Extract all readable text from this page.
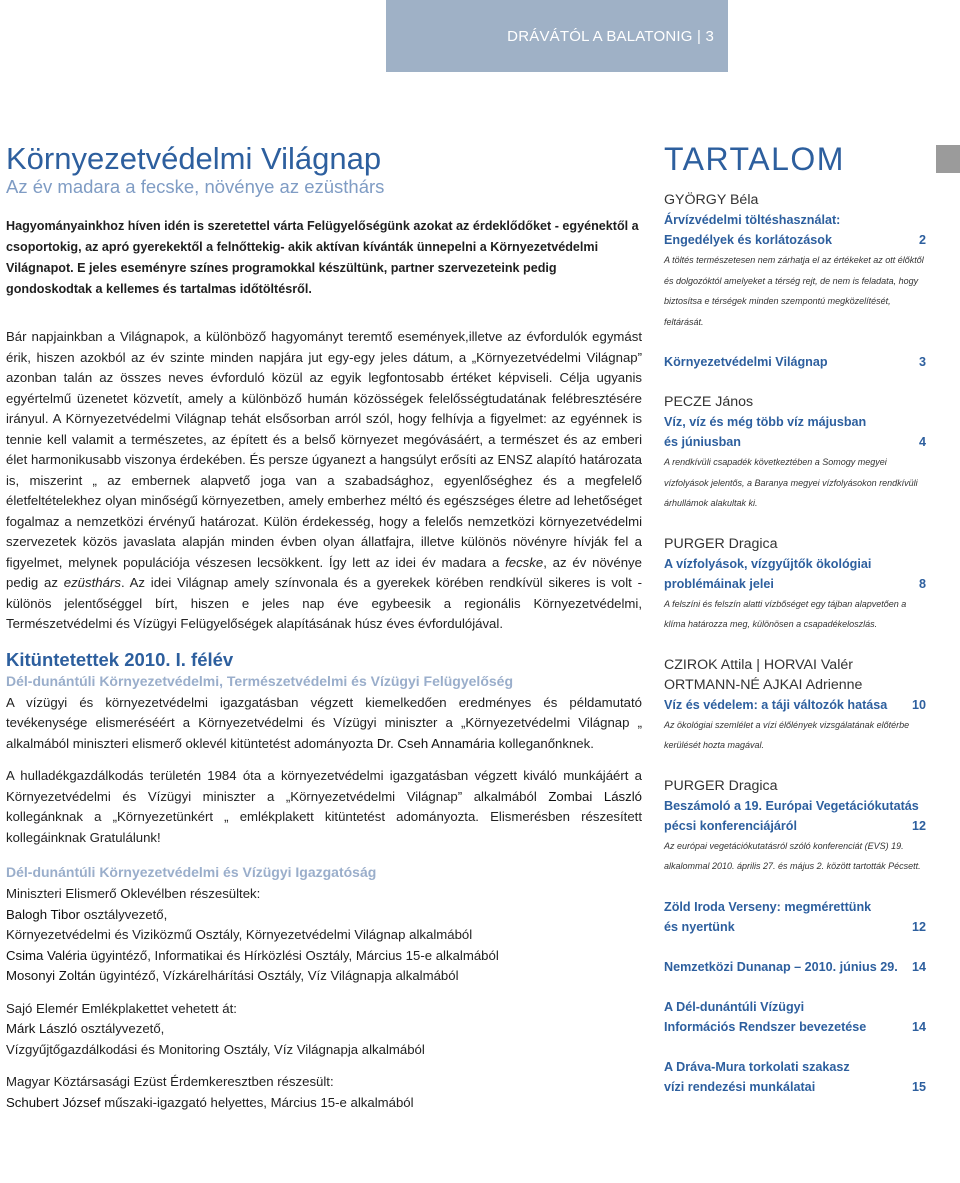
DRÁVÁTÓL A BALATONIG | 3
Környezetvédelmi Világnap

Az év madara a fecske, növénye az ezüsthárs

Hagyományainkhoz híven idén is szeretettel várta Felügyelőségünk azokat az érdeklődőket - egyénektől a csoportokig, az apró gyerekektől a felnőttekig- akik aktívan kívánták ünnepelni a Környezetvédelmi Világnapot. E jeles eseményre színes programokkal készültünk, partner szervezeteink pedig gondoskodtak a kellemes és tartalmas időtöltésről.

Bár napjainkban a Világnapok, a különböző hagyományt teremtő események,illetve az évfordulók egymást érik, hiszen azokból az év szinte minden napjára jut egy-egy jeles dátum, a „Környezetvédelmi Világnap” azonban talán az összes neves évforduló közül az egyik legfontosabb értéket képviseli. Célja ugyanis egyértelmű üzenetet közvetít, amely a különböző humán közösségek felelősségtudatának felébresztésére irányul. A Környezetvédelmi Világnap tehát elsősorban arról szól, hogy felhívja a figyelmet: az egyénnek is tennie kell valamit a természetes, az épített és a belső környezet megóvásáért, a természet és az emberi élet harmonikusabb viszonya érdekében. És persze úgyanezt a hangsúlyt erősíti az ENSZ alapító határozata is, miszerint „ az embernek alapvető joga van a szabadsághoz, egyenlőséghez és a megfelelő életfeltételekhez olyan minőségű környezetben, amely emberhez méltó és egészséges életre ad lehetőséget fogalmaz a nemzetközi érvényű határozat. Külön érdekesség, hogy a felelős nemzetközi környezetvédelmi szervezetek közös javaslata alapján minden évben olyan állatfajra, illetve különös növényre hívják fel a figyelmet, melynek populációja vészesen lecsökkent. Így lett az idei év madara a fecske, az év növénye pedig az ezüsthárs. Az idei Világnap amely színvonala és a gyerekek körében rendkívül sikeres is volt - különös jelentőséggel bírt, hiszen e jeles nap éve egybeesik a regionális Környezetvédelmi, Természetvédelmi és Vízügyi Felügyelőségek alapításának húsz éves évfordulójával.

Kitüntetettek 2010. I. félév
Dél-dunántúli Környezetvédelmi, Természetvédelmi és Vízügyi Felügyelőség

A vízügyi és környezetvédelmi igazgatásban végzett kiemelkedően eredményes és példamutató tevékenysége elismeréséért a Környezetvédelmi és Vízügyi miniszter a „Környezetvédelmi Világnap „ alkalmából miniszteri elismerő oklevél kitüntetést adományozta Dr. Cseh Annamária kolleganőnknek.

A hulladékgazdálkodás területén 1984 óta a környezetvédelmi igazgatásban végzett kiváló munkájáért a Környezetvédelmi és Vízügyi miniszter a „Környezetvédelmi Világnap” alkalmából Zombai László kollegánknak a „Környezetünkért „ emlékplakett kitüntetést adományozta. Elismerésben részesített kollegáinknak Gratulálunk!

Dél-dunántúli Környezetvédelmi és Vízügyi Igazgatóság

Miniszteri Elismerő Oklevélben részesültek:

Balogh Tibor osztályvezető,

Környezetvédelmi és Viziközmű Osztály, Környezetvédelmi Világnap alkalmából

Csima Valéria ügyintéző, Informatikai és Hírközlési Osztály, Március 15-e alkalmából

Mosonyi Zoltán ügyintéző, Vízkárelhárítási Osztály, Víz Világnapja alkalmából

Sajó Elemér Emlékplakettet vehetett át:

Márk László osztályvezető,

Vízgyűjtőgazdálkodási és Monitoring Osztály, Víz Világnapja alkalmából

Magyar Köztársasági Ezüst Érdemkeresztben részesült:

Schubert József műszaki-igazgató helyettes, Március 15-e alkalmából

TARTALOM
GYÖRGY Béla
Árvízvédelmi töltéshasználat:
Engedélyek és korlátozások	2
A töltés természetesen nem zárhatja el az értékeket az ott élőktől és dolgozóktól amelyeket a térség rejt, de nem is feladata, hogy biztosítsa e térségek minden szempontú megközelítését, feltárását.
Környezetvédelmi Világnap	3
PECZE János
Víz, víz és még több víz májusban
és júniusban	4
A rendkívüli csapadék következtében a Somogy megyei vízfolyások jelentős, a Baranya megyei vízfolyásokon rendkívüli árhullámok alakultak ki.
PURGER Dragica
A vízfolyások, vízgyűjtők ökológiai
problémáinak jelei	8
A felszíni és felszín alatti vízbőséget egy tájban alapvetően a klíma határozza meg, különösen a csapadékeloszlás.
CZIROK Attila | HORVAI Valér
ORTMANN-NÉ AJKAI Adrienne
Víz és védelem: a táji változók hatása 10
Az ökológiai szemlélet a vízi élőlények vizsgálatának előtérbe kerülését hozta magával.
PURGER Dragica
Beszámoló a 19. Európai Vegetációkutatás
pécsi konferenciájáról	12
Az európai vegetációkutatásról szóló konferenciát (EVS) 19. alkalommal 2010. április 27. és május 2. között tartották Pécsett.
Zöld Iroda Verseny: megmérettünk
és nyertünk	12
Nemzetközi Dunanap – 2010. június 29. 14
A Dél-dunántúli Vízügyi
Információs Rendszer bevezetése	14
A Dráva-Mura torkolati szakasz
vízi rendezési munkálatai	15
